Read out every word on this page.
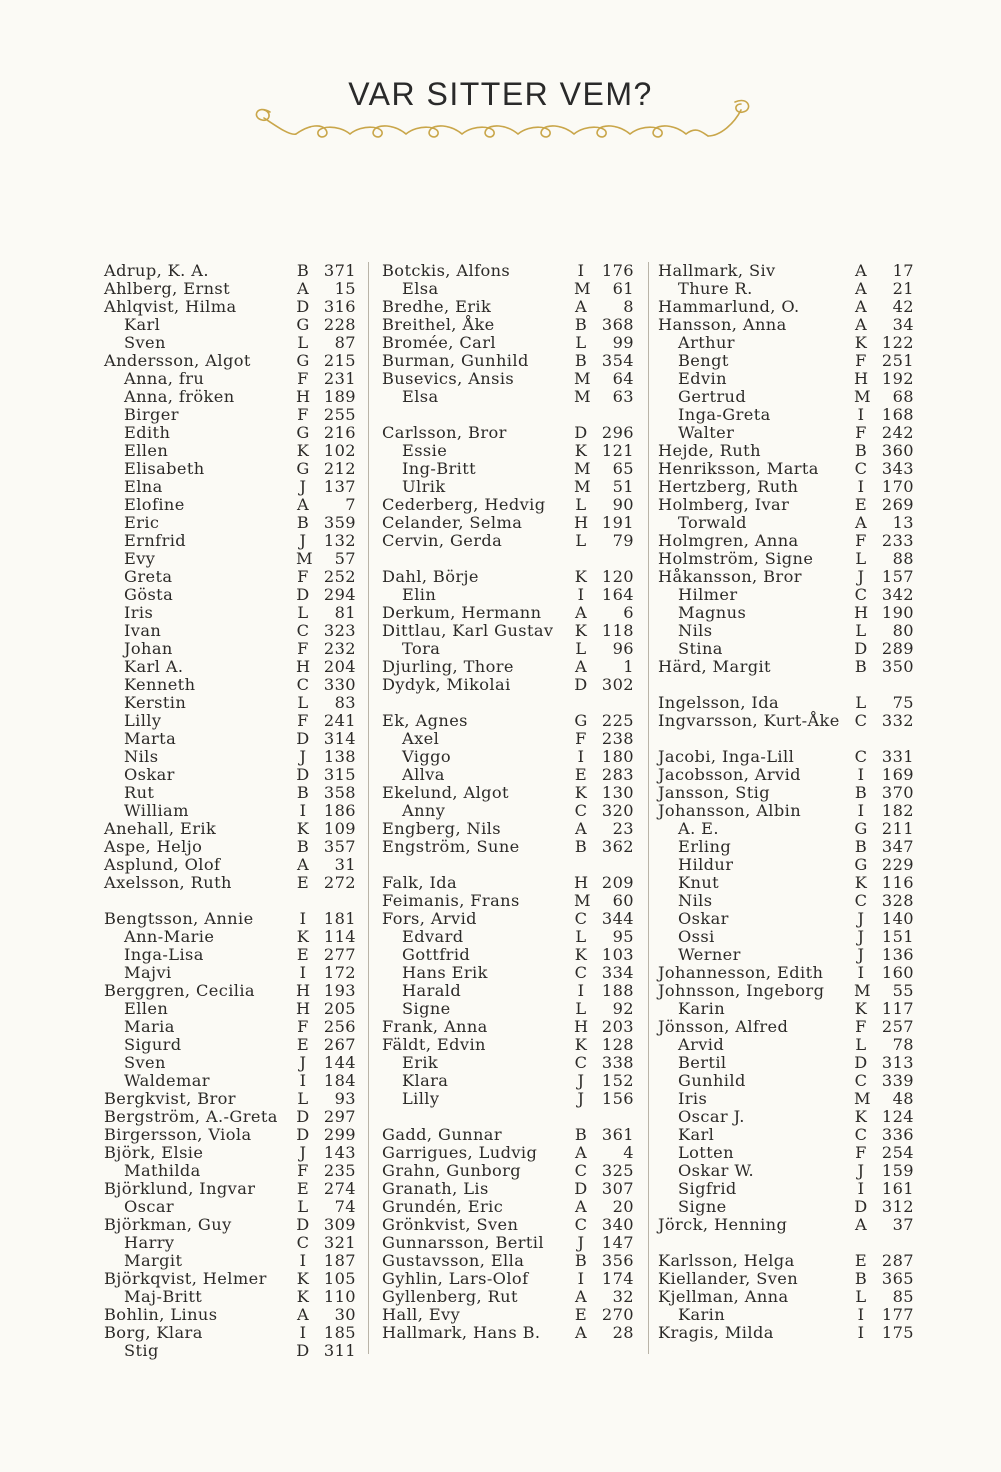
VAR SITTER VEM?
Adrup, K. A.	B 371
Ahlberg, Ernst	A	15
Ahlqvist, Hilma	D 316
Karl	G 228
Sven	L	87
Andersson, Algot	G 215
Anna, fru	F 231
Anna, fröken	H 189
Birger	F 255
Edith	G 216
Ellen	K 102
Elisabeth	G 212
Elna	J	137
Elofine	A	7
Eric	B 359
Ernfrid	J	132
Evy	M	57
Greta	F 252
Gösta	D 294
Iris	L	81
Ivan	C 323
Johan	F 232
Karl A.	H 204
Kenneth	C 330
Kerstin	L	83
Lilly	F 241
Marta	D 314
Nils	J	138
Oskar	D 315
Rut	B 358
William	I	186
Anehall, Erik	K 109
Aspe, Heljo	B 357
Asplund, Olof	A	31
Axelsson, Ruth	E 272
Bengtsson, Annie	I	181
Ann-Marie	K 114
Inga-Lisa	E 277
Majvi	I	172
Berggren, Cecilia	H 193
Ellen	H 205
Maria	F 256
Sigurd	E 267
Sven	J	144
Waldemar	I	184
Bergkvist, Bror	L	93
Bergström, A.-Greta D 297
Birgersson, Viola	D 299
Björk, Elsie	J	143
Mathilda	F 235
Björklund, Ingvar	E 274
Oscar	L	74
Björkman, Guy	D 309
Harry	C 321
Margit	I	187
Björkqvist, Helmer K 105
Maj-Britt	K 110
Bohlin, Linus	A	30
Borg, Klara	I	185
Stig	D 311
Botckis, Alfons	I	176
Elsa	M	61
Bredhe, Erik	A	8
Breithel, Åke	B 368
Bromée, Carl	L	99
Burman, Gunhild	B 354
Busevics, Ansis	M	64
Elsa	M	63
Carlsson, Bror	D 296
Essie	K 121
Ing-Britt	M	65
Ulrik	M	51
Cederberg, Hedvig L	90
Celander, Selma	H 191
Cervin, Gerda	L	79
Dahl, Börje	K 120
Elin	I	164
Derkum, Hermann A	6
Dittlau, Karl Gustav K 118
Tora	L	96
Djurling, Thore	A	1
Dydyk, Mikolai	D 302
Ek, Agnes	G 225
Axel	F 238
Viggo	I	180
Allva	E 283
Ekelund, Algot	K 130
Anny	C 320
Engberg, Nils	A	23
Engström, Sune	B 362
Falk, Ida	H 209
Feimanis, Frans	M	60
Fors, Arvid	C 344
Edvard	L	95
Gottfrid	K 103
Hans Erik	C 334
Harald	I	188
Signe	L	92
Frank, Anna	H 203
Fäldt, Edvin	K 128
Erik	C 338
Klara	J	152
Lilly	J	156
Gadd, Gunnar	B 361
Garrigues, Ludvig A	4
Grahn, Gunborg	C 325
Granath, Lis	D 307
Grundén, Eric	A	20
Grönkvist, Sven	C 340
Gunnarsson, Bertil J	147
Gustavsson, Ella	B 356
Gyhlin, Lars-Olof	I	174
Gyllenberg, Rut	A	32
Hall, Evy	E 270
Hallmark, Hans B. A	28
Hallmark, Siv	A	17
Thure R.	A	21
Hammarlund, O.	A	42
Hansson, Anna	A	34
Arthur	K 122
Bengt	F 251
Edvin	H 192
Gertrud	M	68
Inga-Greta	I	168
Walter	F 242
Hejde, Ruth	B 360
Henriksson, Marta C 343
Hertzberg, Ruth	I	170
Holmberg, Ivar	E 269
Torwald	A	13
Holmgren, Anna	F 233
Holmström, Signe	L	88
Håkansson, Bror	J	157
Hilmer	C 342
Magnus	H 190
Nils	L	80
Stina	D 289
Härd, Margit	B 350
Ingelsson, Ida	L	75
Ingvarsson, Kurt-Åke C 332
Jacobi, Inga-Lill	C 331
Jacobsson, Arvid	I	169
Jansson, Stig	B 370
Johansson, Albin	I	182
A. E.	G 211
Erling	B 347
Hildur	G 229
Knut	K 116
Nils	C 328
Oskar	J	140
Ossi	J	151
Werner	J	136
Johannesson, Edith I	160
Johnsson, Ingeborg M	55
Karin	K 117
Jönsson, Alfred	F 257
Arvid	L	78
Bertil	D 313
Gunhild	C 339
Iris	M	48
Oscar J.	K 124
Karl	C 336
Lotten	F 254
Oskar W.	J	159
Sigfrid	I	161
Signe	D 312
Jörck, Henning	A	37
Karlsson, Helga	E 287
Kiellander, Sven	B 365
Kjellman, Anna	L	85
Karin	I	177
Kragis, Milda	I	175
